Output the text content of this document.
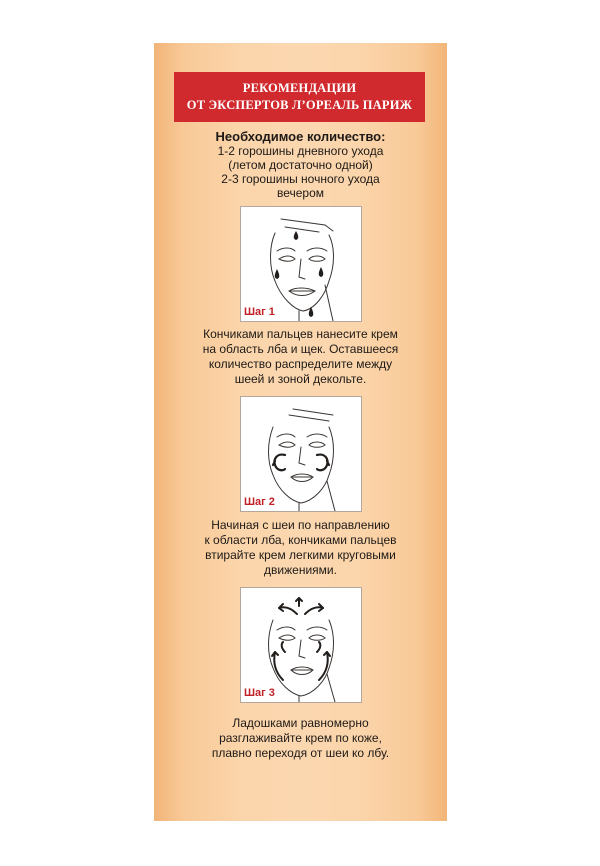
РЕКОМЕНДАЦИИ
ОТ ЭКСПЕРТОВ Л’ОРЕАЛЬ ПАРИЖ
Необходимое количество:
1-2 горошины дневного ухода
(летом достаточно одной)
2-3 горошины ночного ухода
вечером
Шаг 1
Кончиками пальцев нанесите крем
на область лба и щек. Оставшееся
количество распределите между
шеей и зоной декольте.
Шаг 2
Начиная с шеи по направлению
к области лба, кончиками пальцев
втирайте крем легкими круговыми
движениями.
Шаг 3
Ладошками равномерно
разглаживайте крем по коже,
плавно переходя от шеи ко лбу.
